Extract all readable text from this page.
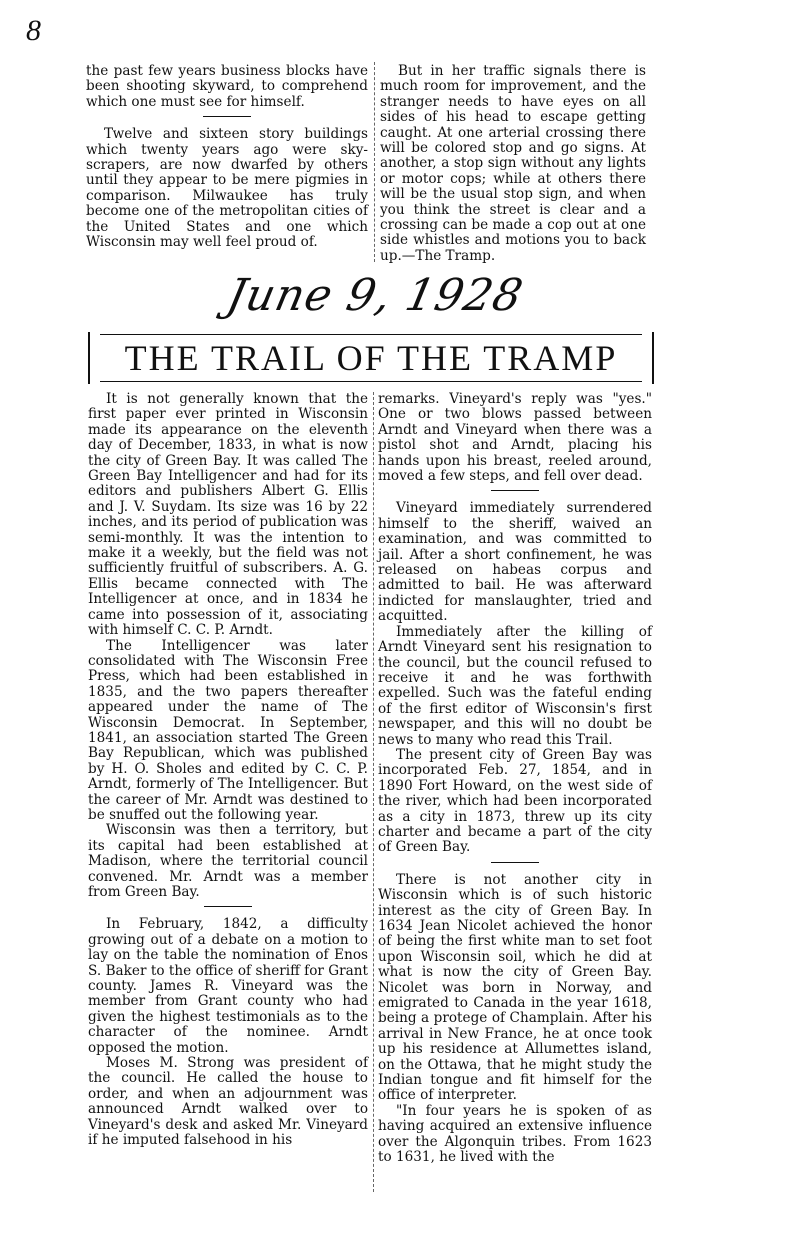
8

the past few years business blocks have been shooting skyward, to comprehend which one must see for himself.

Twelve and sixteen story buildings which twenty years ago were sky-scrapers, are now dwarfed by others until they appear to be mere pigmies in comparison. Milwaukee has truly become one of the metropolitan cities of the United States and one which Wisconsin may well feel proud of.

But in her traffic signals there is much room for improvement, and the stranger needs to have eyes on all sides of his head to escape getting caught. At one arterial crossing there will be colored stop and go signs. At another, a stop sign without any lights or motor cops; while at others there will be the usual stop sign, and when you think the street is clear and a crossing can be made a cop out at one side whistles and motions you to back up.—The Tramp.

June 9, 1928
THE TRAIL OF THE TRAMP

It is not generally known that the first paper ever printed in Wisconsin made its appearance on the eleventh day of December, 1833, in what is now the city of Green Bay. It was called The Green Bay Intelligencer and had for its editors and publishers Albert G. Ellis and J. V. Suydam. Its size was 16 by 22 inches, and its period of publication was semi-monthly. It was the intention to make it a weekly, but the field was not sufficiently fruitful of subscribers. A. G. Ellis became connected with The Intelligencer at once, and in 1834 he came into possession of it, associating with himself C. C. P. Arndt.

The Intelligencer was later consolidated with The Wisconsin Free Press, which had been established in 1835, and the two papers thereafter appeared under the name of The Wisconsin Democrat. In September, 1841, an association started The Green Bay Republican, which was published by H. O. Sholes and edited by C. C. P. Arndt, formerly of The Intelligencer. But the career of Mr. Arndt was destined to be snuffed out the following year.

Wisconsin was then a territory, but its capital had been established at Madison, where the territorial council convened. Mr. Arndt was a member from Green Bay.

In February, 1842, a difficulty growing out of a debate on a motion to lay on the table the nomination of Enos S. Baker to the office of sheriff for Grant county. James R. Vineyard was the member from Grant county who had given the highest testimonials as to the character of the nominee. Arndt opposed the motion.

Moses M. Strong was president of the council. He called the house to order, and when an adjournment was announced Arndt walked over to Vineyard's desk and asked Mr. Vineyard if he imputed falsehood in his

remarks. Vineyard's reply was "yes." One or two blows passed between Arndt and Vineyard when there was a pistol shot and Arndt, placing his hands upon his breast, reeled around, moved a few steps, and fell over dead.

Vineyard immediately surrendered himself to the sheriff, waived an examination, and was committed to jail. After a short confinement, he was released on habeas corpus and admitted to bail. He was afterward indicted for manslaughter, tried and acquitted.

Immediately after the killing of Arndt Vineyard sent his resignation to the council, but the council refused to receive it and he was forthwith expelled. Such was the fateful ending of the first editor of Wisconsin's first newspaper, and this will no doubt be news to many who read this Trail.

The present city of Green Bay was incorporated Feb. 27, 1854, and in 1890 Fort Howard, on the west side of the river, which had been incorporated as a city in 1873, threw up its city charter and became a part of the city of Green Bay.

There is not another city in Wisconsin which is of such historic interest as the city of Green Bay. In 1634 Jean Nicolet achieved the honor of being the first white man to set foot upon Wisconsin soil, which he did at what is now the city of Green Bay. Nicolet was born in Norway, and emigrated to Canada in the year 1618, being a protege of Champlain. After his arrival in New France, he at once took up his residence at Allumettes island, on the Ottawa, that he might study the Indian tongue and fit himself for the office of interpreter.

"In four years he is spoken of as having acquired an extensive influence over the Algonquin tribes. From 1623 to 1631, he lived with the
